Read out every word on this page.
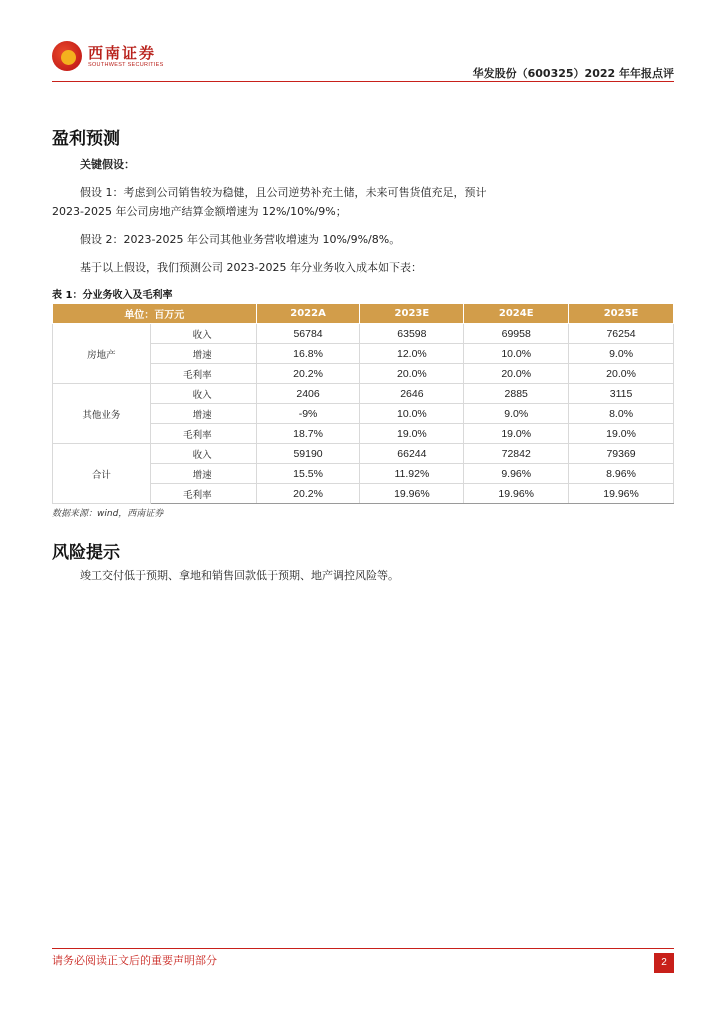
西南证券
SOUTHWEST SECURITIES
华发股份（600325）2022 年年报点评
盈利预测
关键假设：
假设 1：考虑到公司销售较为稳健，且公司逆势补充土储，未来可售货值充足，预计
2023-2025 年公司房地产结算金额增速为 12%/10%/9%；
假设 2：2023-2025 年公司其他业务营收增速为 10%/9%/8%。
基于以上假设，我们预测公司 2023-2025 年分业务收入成本如下表：
表 1：分业务收入及毛利率
单位：百万元		2022A	2023E	2024E	2025E
房地产	收入	56784	63598	69958	76254
	增速	16.8%	12.0%	10.0%	9.0%
	毛利率	20.2%	20.0%	20.0%	20.0%
其他业务	收入	2406	2646	2885	3115
	增速	-9%	10.0%	9.0%	8.0%
	毛利率	18.7%	19.0%	19.0%	19.0%
合计	收入	59190	66244	72842	79369
	增速	15.5%	11.92%	9.96%	8.96%
	毛利率	20.2%	19.96%	19.96%	19.96%
数据来源：wind，西南证券
风险提示
竣工交付低于预期、拿地和销售回款低于预期、地产调控风险等。
请务必阅读正文后的重要声明部分	2
